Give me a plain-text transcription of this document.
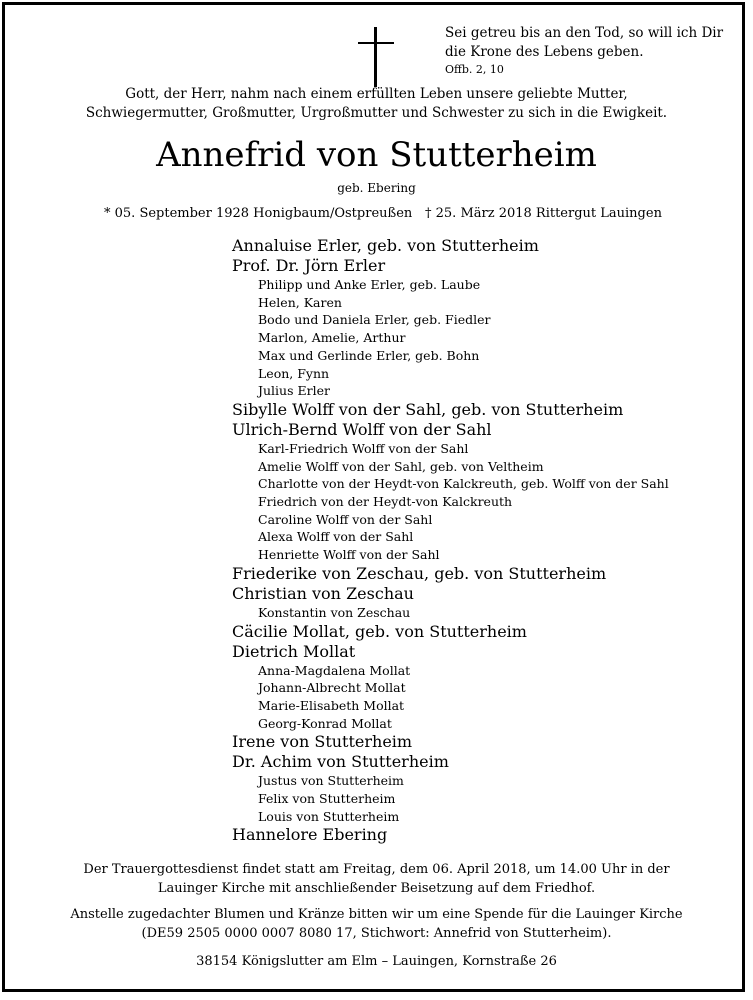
Sei getreu bis an den Tod, so will ich Dir
die Krone des Lebens geben.
Offb. 2, 10
Gott, der Herr, nahm nach einem erfüllten Leben unsere geliebte Mutter,
Schwiegermutter, Großmutter, Urgroßmutter und Schwester zu sich in die Ewigkeit.
Annefrid von Stutterheim
geb. Ebering
* 05. September 1928 Honigbaum/Ostpreußen † 25. März 2018 Rittergut Lauingen
Annaluise Erler, geb. von Stutterheim
Prof. Dr. Jörn Erler
Philipp und Anke Erler, geb. Laube
Helen, Karen
Bodo und Daniela Erler, geb. Fiedler
Marlon, Amelie, Arthur
Max und Gerlinde Erler, geb. Bohn
Leon, Fynn
Julius Erler
Sibylle Wolff von der Sahl, geb. von Stutterheim
Ulrich-Bernd Wolff von der Sahl
Karl-Friedrich Wolff von der Sahl
Amelie Wolff von der Sahl, geb. von Veltheim
Charlotte von der Heydt-von Kalckreuth, geb. Wolff von der Sahl
Friedrich von der Heydt-von Kalckreuth
Caroline Wolff von der Sahl
Alexa Wolff von der Sahl
Henriette Wolff von der Sahl
Friederike von Zeschau, geb. von Stutterheim
Christian von Zeschau
Konstantin von Zeschau
Cäcilie Mollat, geb. von Stutterheim
Dietrich Mollat
Anna-Magdalena Mollat
Johann-Albrecht Mollat
Marie-Elisabeth Mollat
Georg-Konrad Mollat
Irene von Stutterheim
Dr. Achim von Stutterheim
Justus von Stutterheim
Felix von Stutterheim
Louis von Stutterheim
Hannelore Ebering
Der Trauergottesdienst findet statt am Freitag, dem 06. April 2018, um 14.00 Uhr in der
Lauinger Kirche mit anschließender Beisetzung auf dem Friedhof.
Anstelle zugedachter Blumen und Kränze bitten wir um eine Spende für die Lauinger Kirche
(DE59 2505 0000 0007 8080 17, Stichwort: Annefrid von Stutterheim).
38154 Königslutter am Elm – Lauingen, Kornstraße 26
